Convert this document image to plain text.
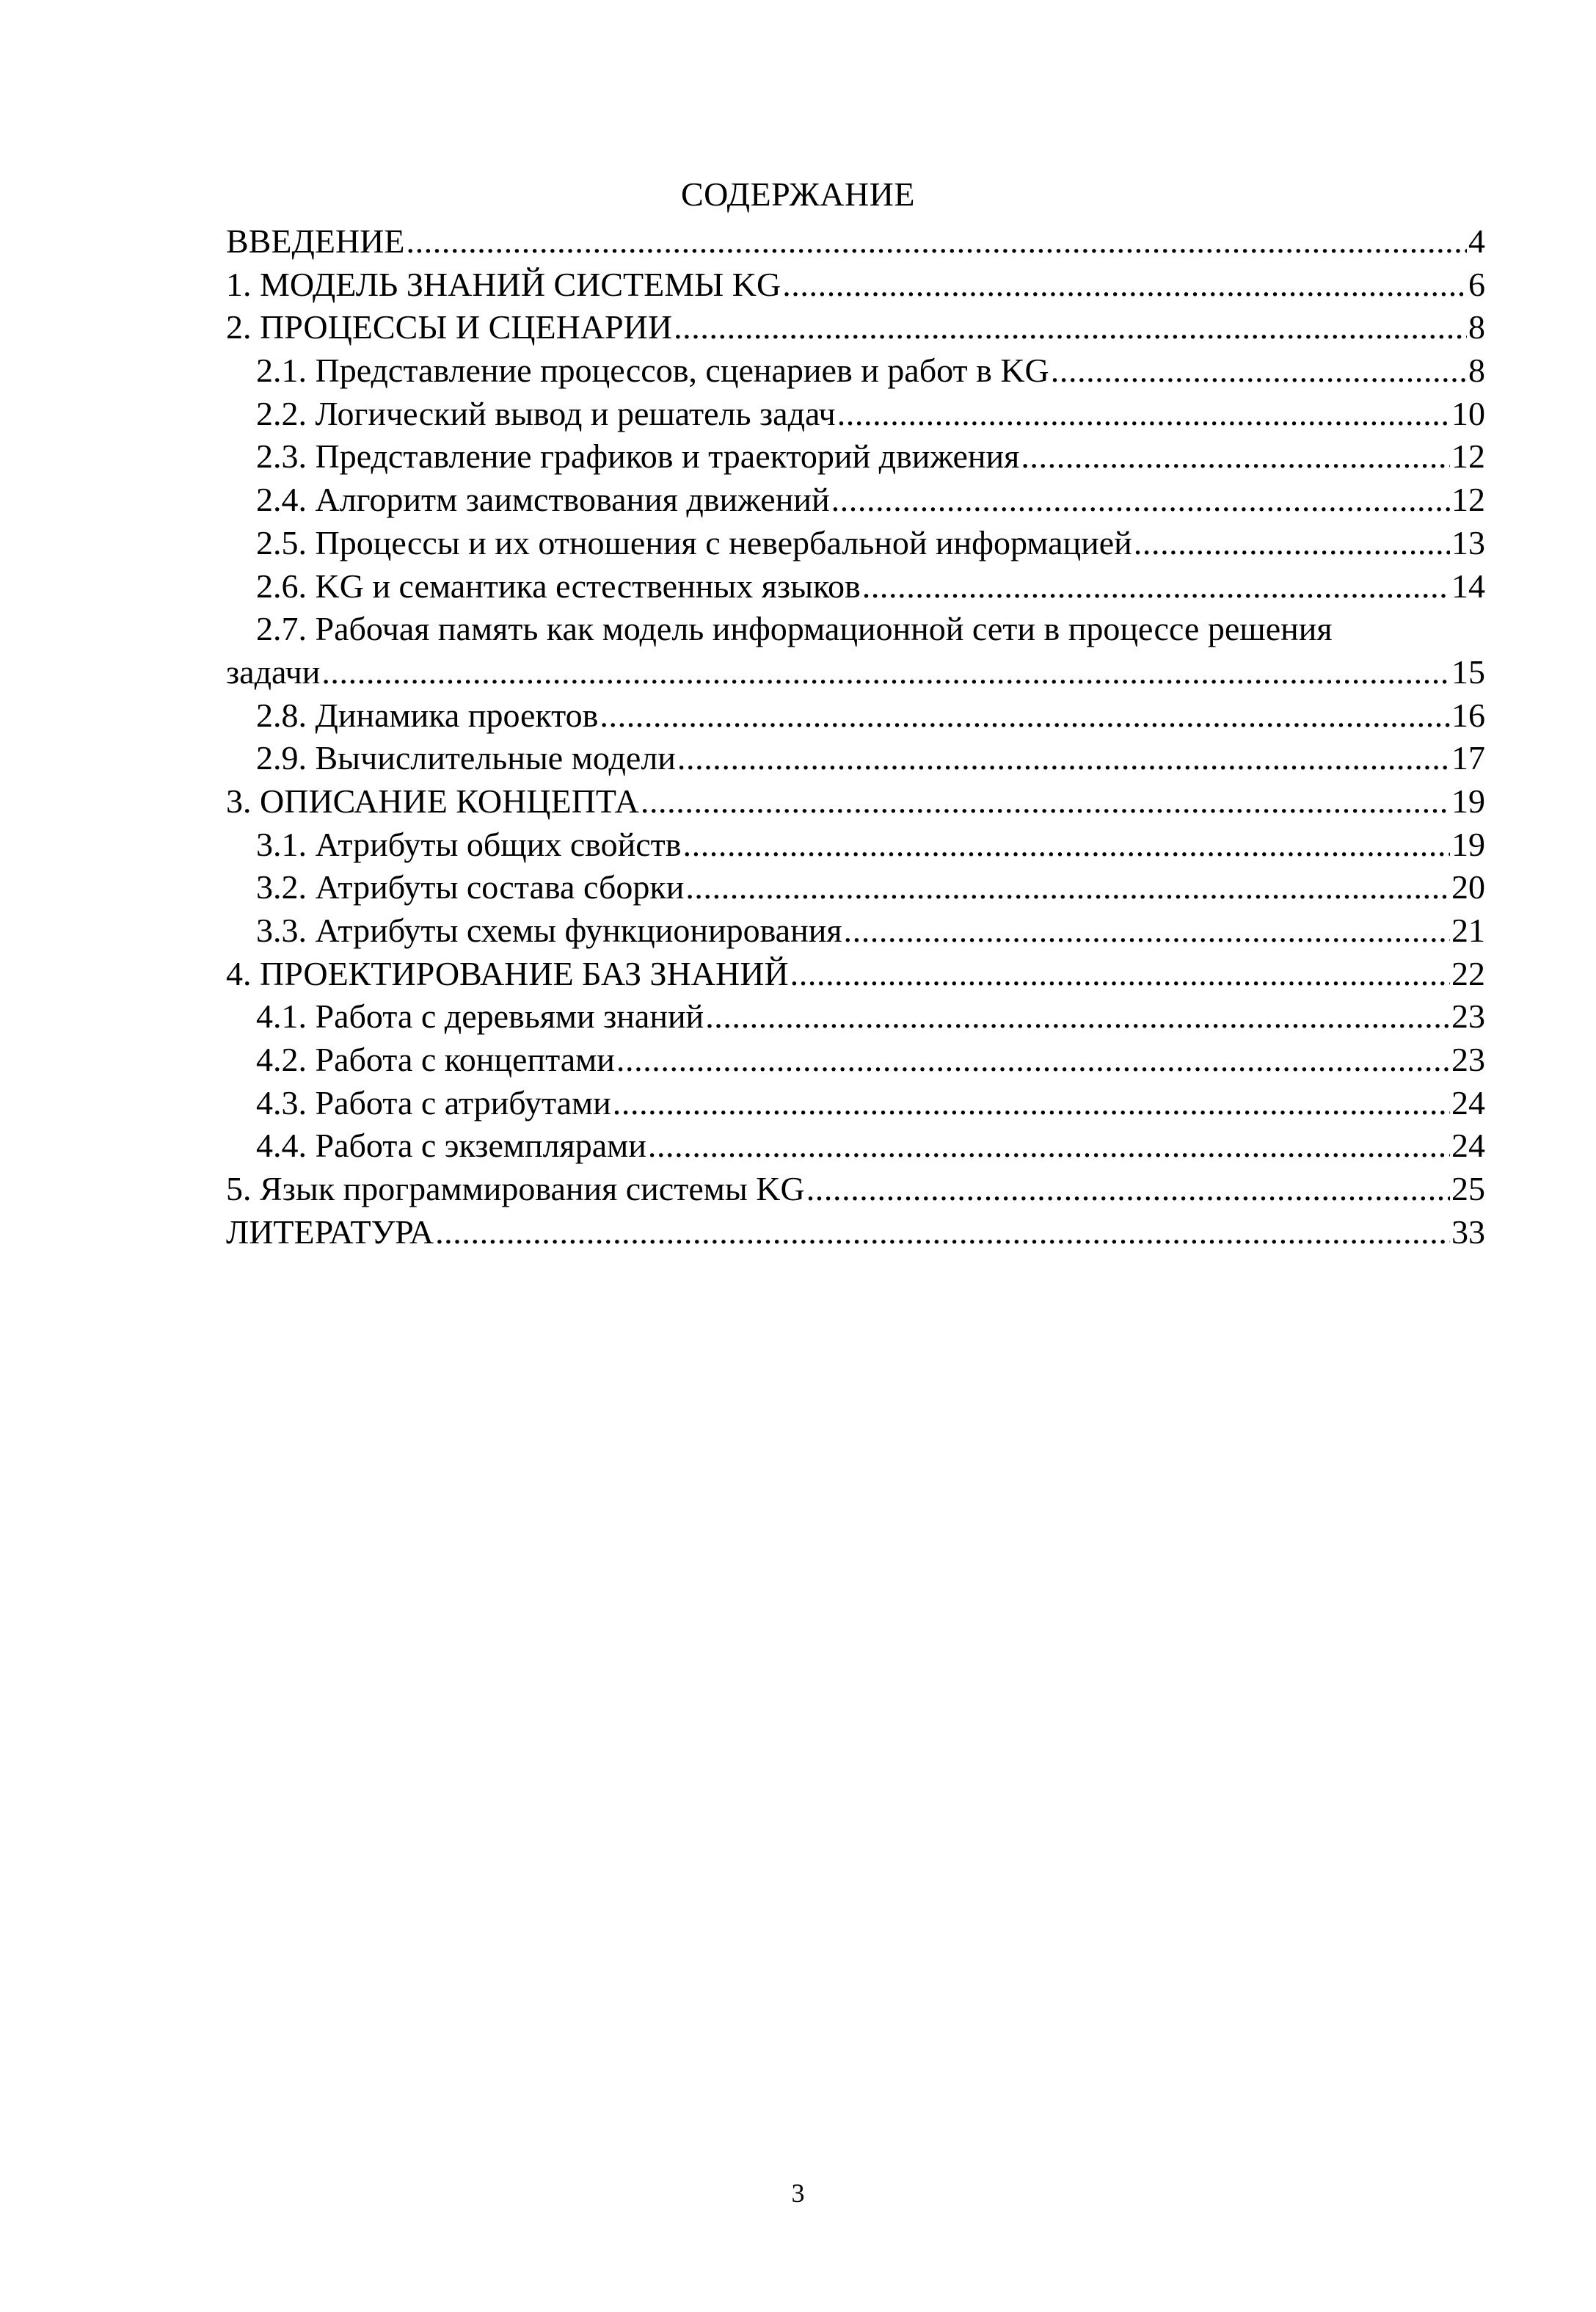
СОДЕРЖАНИЕ
ВВЕДЕНИЕ .....	4
1. МОДЕЛЬ ЗНАНИЙ СИСТЕМЫ KG .....	6
2. ПРОЦЕССЫ И СЦЕНАРИИ .....	8
2.1. Представление процессов, сценариев и работ в KG .....	8
2.2. Логический вывод и решатель задач .....	10
2.3. Представление графиков и траекторий движения .....	12
2.4. Алгоритм заимствования движений .....	12
2.5. Процессы и их отношения с невербальной информацией .....	13
2.6. KG и семантика естественных языков .....	14
2.7. Рабочая память как модель информационной сети в процессе решения
задачи .....	15
2.8. Динамика проектов .....	16
2.9. Вычислительные модели .....	17
3. ОПИСАНИЕ КОНЦЕПТА .....	19
3.1. Атрибуты общих свойств .....	19
3.2. Атрибуты состава сборки .....	20
3.3. Атрибуты схемы функционирования .....	21
4. ПРОЕКТИРОВАНИЕ БАЗ ЗНАНИЙ .....	22
4.1. Работа с деревьями знаний .....	23
4.2. Работа с концептами .....	23
4.3. Работа с атрибутами .....	24
4.4. Работа с экземплярами .....	24
5. Язык программирования системы KG .....	25
ЛИТЕРАТУРА .....	33
3
